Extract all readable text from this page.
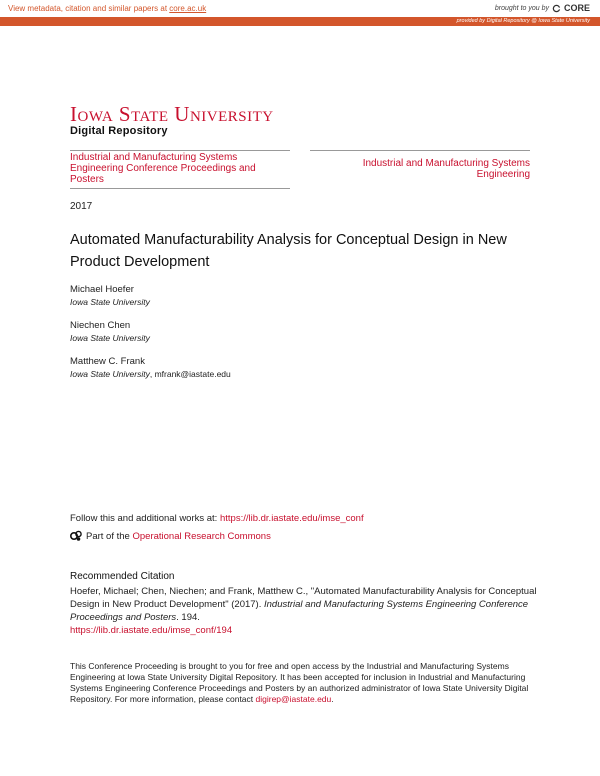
View metadata, citation and similar papers at core.ac.uk	brought to you by CORE
provided by Digital Repository @ Iowa State University
Iowa State University
Digital Repository
Industrial and Manufacturing Systems Engineering Conference Proceedings and Posters
Industrial and Manufacturing Systems Engineering
2017
Automated Manufacturability Analysis for Conceptual Design in New Product Development
Michael Hoefer
Iowa State University
Niechen Chen
Iowa State University
Matthew C. Frank
Iowa State University, mfrank@iastate.edu
Follow this and additional works at: https://lib.dr.iastate.edu/imse_conf
Part of the Operational Research Commons
Recommended Citation
Hoefer, Michael; Chen, Niechen; and Frank, Matthew C., "Automated Manufacturability Analysis for Conceptual Design in New Product Development" (2017). Industrial and Manufacturing Systems Engineering Conference Proceedings and Posters. 194.
https://lib.dr.iastate.edu/imse_conf/194
This Conference Proceeding is brought to you for free and open access by the Industrial and Manufacturing Systems Engineering at Iowa State University Digital Repository. It has been accepted for inclusion in Industrial and Manufacturing Systems Engineering Conference Proceedings and Posters by an authorized administrator of Iowa State University Digital Repository. For more information, please contact digirep@iastate.edu.
